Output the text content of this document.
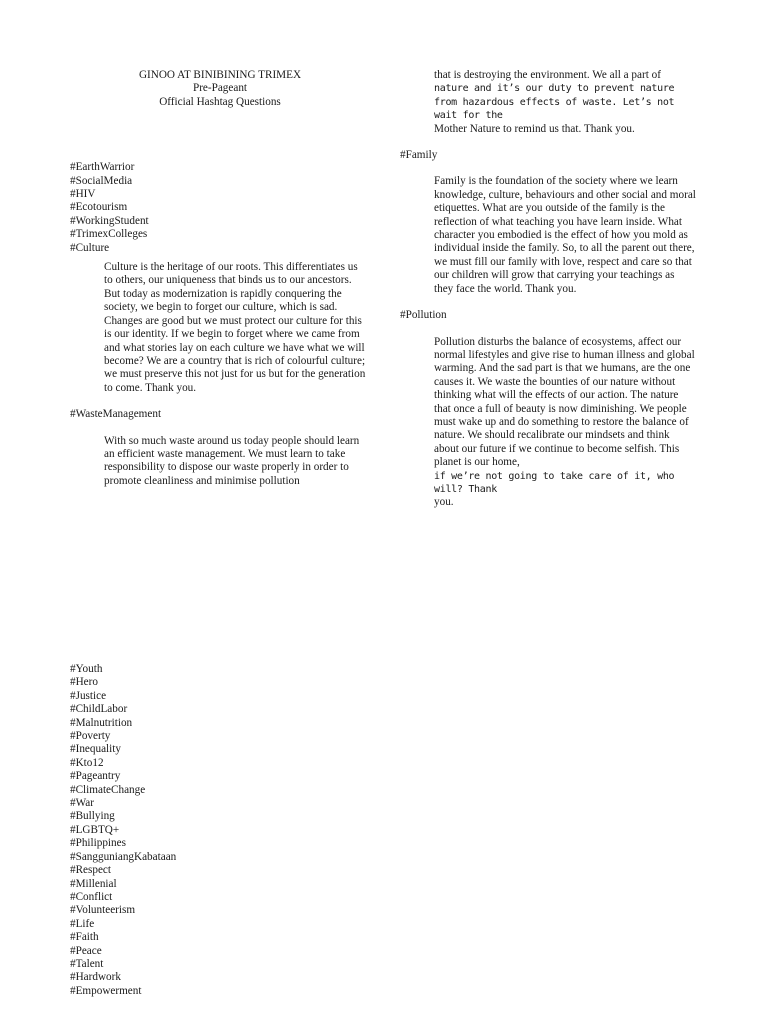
GINOO AT BINIBINING TRIMEX
Pre-Pageant
Official Hashtag Questions
#EarthWarrior
#SocialMedia
#HIV
#Ecotourism
#WorkingStudent
#TrimexColleges
#Culture

Culture is the heritage of our roots. This differentiates us to others, our uniqueness that binds us to our ancestors. But today as modernization is rapidly conquering the society, we begin to forget our culture, which is sad. Changes are good but we must protect our culture for this is our identity. If we begin to forget where we came from and what stories lay on each culture we have what we will become? We are a country that is rich of colourful culture; we must preserve this not just for us but for the generation to come. Thank you.

#WasteManagement

With so much waste around us today people should learn an efficient waste management. We must learn to take responsibility to dispose our waste properly in order to promote cleanliness and minimise pollution

that is destroying the environment. We all a part of

nature and it’s our duty to prevent nature from hazardous effects of waste. Let’s not wait for the

Mother Nature to remind us that. Thank you.

#Family

Family is the foundation of the society where we learn knowledge, culture, behaviours and other social and moral etiquettes. What are you outside of the family is the reflection of what teaching you have learn inside. What character you embodied is the effect of how you mold as individual inside the family. So, to all the parent out there, we must fill our family with love, respect and care so that our children will grow that carrying your teachings as they face the world. Thank you.

#Pollution

Pollution disturbs the balance of ecosystems, affect our normal lifestyles and give rise to human illness and global warming. And the sad part is that we humans, are the one causes it. We waste the bounties of our nature without thinking what will the effects of our action. The nature that once a full of beauty is now diminishing. We people must wake up and do something to restore the balance of nature. We should recalibrate our mindsets and think about our future if we continue to become selfish. This planet is our home,

if we’re not going to take care of it, who will? Thank

you.

#Youth
#Hero
#Justice
#ChildLabor
#Malnutrition
#Poverty
#Inequality
#Kto12
#Pageantry
#ClimateChange
#War
#Bullying
#LGBTQ+
#Philippines
#SangguniangKabataan
#Respect
#Millenial
#Conflict
#Volunteerism
#Life
#Faith
#Peace
#Talent
#Hardwork
#Empowerment
